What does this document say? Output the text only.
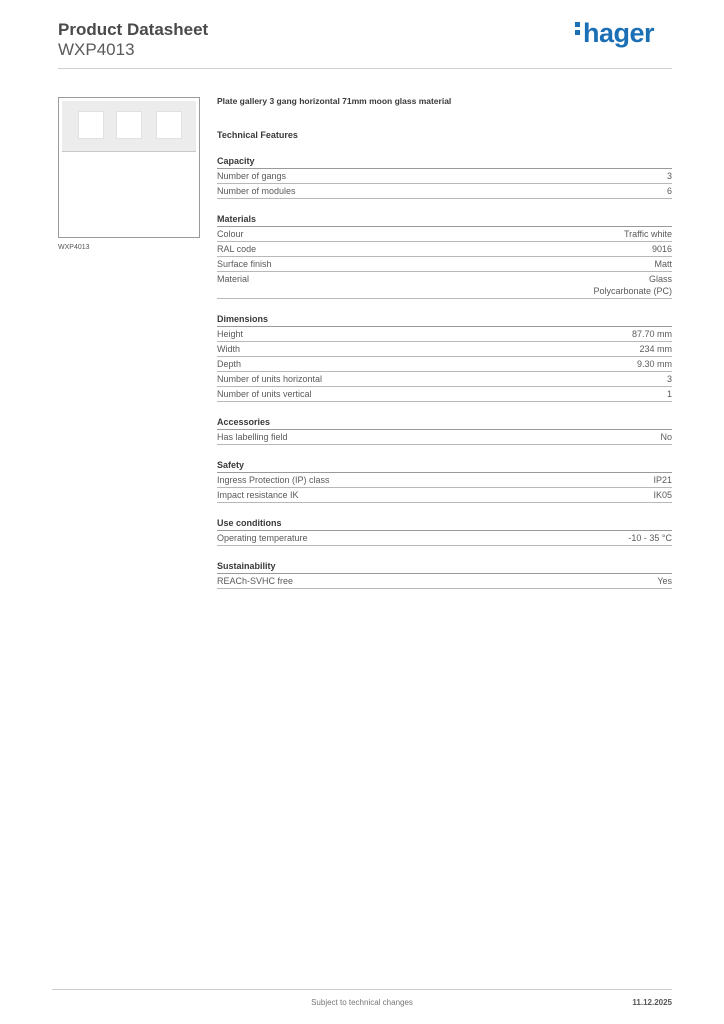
Product Datasheet
WXP4013
hager
WXP4013
Plate gallery 3 gang horizontal 71mm moon glass material
Technical Features
Capacity
Number of gangs	3
Number of modules	6
Materials
Colour	Traffic white
RAL code	9016
Surface finish	Matt
Material	Glass
Polycarbonate (PC)
Dimensions
Height	87.70 mm
Width	234 mm
Depth	9.30 mm
Number of units horizontal	3
Number of units vertical	1
Accessories
Has labelling field	No
Safety
Ingress Protection (IP) class	IP21
Impact resistance IK	IK05
Use conditions
Operating temperature	-10 - 35 °C
Sustainability
REACh-SVHC free	Yes
Subject to technical changes	11.12.2025
